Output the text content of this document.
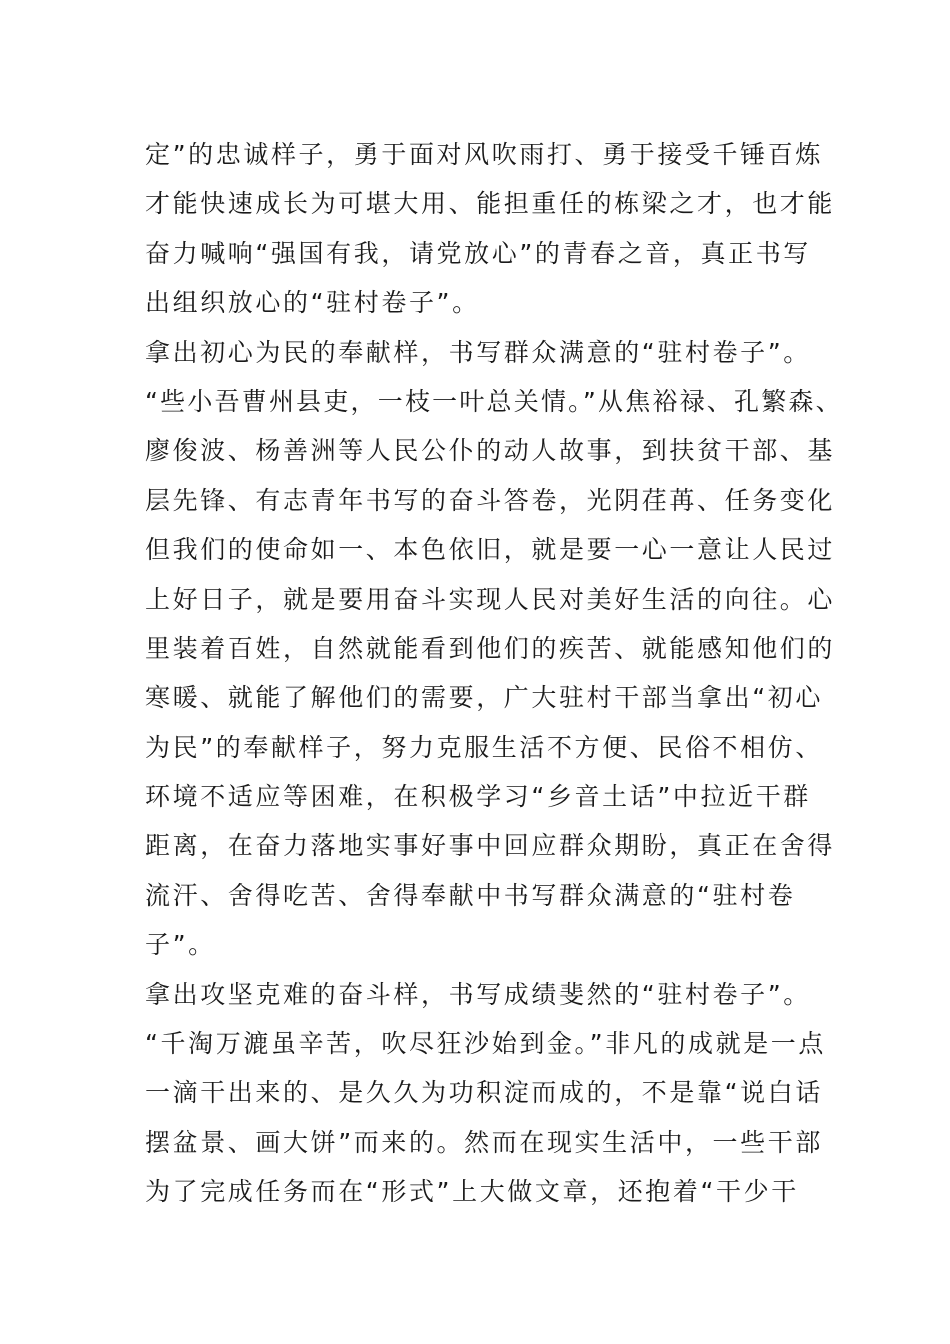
定”的忠诚样子，勇于面对风吹雨打、勇于接受千锤百炼
才能快速成长为可堪大用、能担重任的栋梁之才，也才能
奋力喊响“强国有我，请党放心”的青春之音，真正书写
出组织放心的“驻村卷子”。
拿出初心为民的奉献样，书写群众满意的“驻村卷子”。
“些小吾曹州县吏，一枝一叶总关情。”从焦裕禄、孔繁森、
廖俊波、杨善洲等人民公仆的动人故事，到扶贫干部、基
层先锋、有志青年书写的奋斗答卷，光阴荏苒、任务变化
但我们的使命如一、本色依旧，就是要一心一意让人民过
上好日子，就是要用奋斗实现人民对美好生活的向往。心
里装着百姓，自然就能看到他们的疾苦、就能感知他们的
寒暖、就能了解他们的需要，广大驻村干部当拿出“初心
为民”的奉献样子，努力克服生活不方便、民俗不相仿、
环境不适应等困难，在积极学习“乡音土话”中拉近干群
距离，在奋力落地实事好事中回应群众期盼，真正在舍得
流汗、舍得吃苦、舍得奉献中书写群众满意的“驻村卷
子”。
拿出攻坚克难的奋斗样，书写成绩斐然的“驻村卷子”。
“千淘万漉虽辛苦，吹尽狂沙始到金。”非凡的成就是一点
一滴干出来的、是久久为功积淀而成的，不是靠“说白话
摆盆景、画大饼”而来的。然而在现实生活中，一些干部
为了完成任务而在“形式”上大做文章，还抱着“干少干
